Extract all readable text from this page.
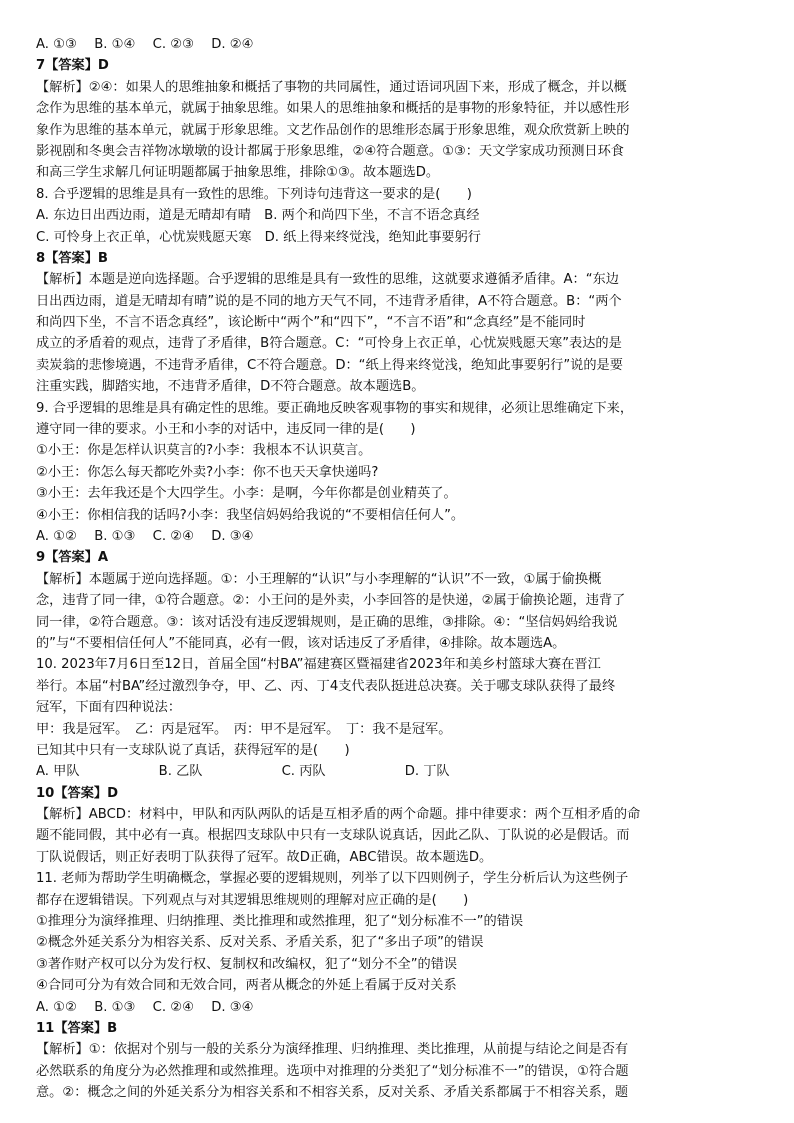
A. ①③　 B. ①④　 C. ②③　 D. ②④
7【答案】D
【解析】②④：如果人的思维抽象和概括了事物的共同属性，通过语词巩固下来，形成了概念，并以概
念作为思维的基本单元，就属于抽象思维。如果人的思维抽象和概括的是事物的形象特征，并以感性形
象作为思维的基本单元，就属于形象思维。文艺作品创作的思维形态属于形象思维，观众欣赏新上映的
影视剧和冬奥会吉祥物冰墩墩的设计都属于形象思维，②④符合题意。①③：天文学家成功预测日环食
和高三学生求解几何证明题都属于抽象思维，排除①③。故本题选D。
8. 合乎逻辑的思维是具有一致性的思维。下列诗句违背这一要求的是(　　)
A. 东边日出西边雨，道是无晴却有晴　B. 两个和尚四下坐，不言不语念真经
C. 可怜身上衣正单，心忧炭贱愿天寒　D. 纸上得来终觉浅，绝知此事要躬行
8【答案】B
【解析】本题是逆向选择题。合乎逻辑的思维是具有一致性的思维，这就要求遵循矛盾律。A：“东边
日出西边雨，道是无晴却有晴”说的是不同的地方天气不同，不违背矛盾律，A不符合题意。B：“两个
和尚四下坐，不言不语念真经”，该论断中“两个”和“四下”，“不言不语”和“念真经”是不能同时
成立的矛盾着的观点，违背了矛盾律，B符合题意。C：“可怜身上衣正单，心忧炭贱愿天寒”表达的是
卖炭翁的悲惨境遇，不违背矛盾律，C不符合题意。D：“纸上得来终觉浅，绝知此事要躬行”说的是要
注重实践，脚踏实地，不违背矛盾律，D不符合题意。故本题选B。
9. 合乎逻辑的思维是具有确定性的思维。要正确地反映客观事物的事实和规律，必须让思维确定下来，
遵守同一律的要求。小王和小李的对话中，违反同一律的是(　　)
①小王：你是怎样认识莫言的?小李：我根本不认识莫言。
②小王：你怎么每天都吃外卖?小李：你不也天天拿快递吗?
③小王：去年我还是个大四学生。小李：是啊，今年你都是创业精英了。
④小王：你相信我的话吗?小李：我坚信妈妈给我说的“不要相信任何人”。
A. ①②　 B. ①③　 C. ②④　 D. ③④
9【答案】A
【解析】本题属于逆向选择题。①：小王理解的“认识”与小李理解的“认识”不一致，①属于偷换概
念，违背了同一律，①符合题意。②：小王问的是外卖，小李回答的是快递，②属于偷换论题，违背了
同一律，②符合题意。③：该对话没有违反逻辑规则，是正确的思维，③排除。④：“坚信妈妈给我说
的”与“不要相信任何人”不能同真，必有一假，该对话违反了矛盾律，④排除。故本题选A。
10. 2023年7月6日至12日，首届全国“村BA”福建赛区暨福建省2023年和美乡村篮球大赛在晋江
举行。本届“村BA”经过激烈争夺，甲、乙、丙、丁4支代表队挺进总决赛。关于哪支球队获得了最终
冠军，下面有四种说法：
甲：我是冠军。　乙：丙是冠军。　丙：甲不是冠军。　丁：我不是冠军。
已知其中只有一支球队说了真话，获得冠军的是(　　)
A. 甲队　　　　　　B. 乙队　　　　　　C. 丙队　　　　　　D. 丁队
10【答案】D
【解析】ABCD：材料中，甲队和丙队两队的话是互相矛盾的两个命题。排中律要求：两个互相矛盾的命
题不能同假，其中必有一真。根据四支球队中只有一支球队说真话，因此乙队、丁队说的必是假话。而
丁队说假话，则正好表明丁队获得了冠军。故D正确，ABC错误。故本题选D。
11. 老师为帮助学生明确概念，掌握必要的逻辑规则，列举了以下四则例子，学生分析后认为这些例子
都存在逻辑错误。下列观点与对其逻辑思维规则的理解对应正确的是(　　)
①推理分为演绎推理、归纳推理、类比推理和或然推理，犯了“划分标准不一”的错误
②概念外延关系分为相容关系、反对关系、矛盾关系，犯了“多出子项”的错误
③著作财产权可以分为发行权、复制权和改编权，犯了“划分不全”的错误
④合同可分为有效合同和无效合同，两者从概念的外延上看属于反对关系
A. ①②　 B. ①③　 C. ②④　 D. ③④
11【答案】B
【解析】①：依据对个别与一般的关系分为演绎推理、归纳推理、类比推理，从前提与结论之间是否有
必然联系的角度分为必然推理和或然推理。选项中对推理的分类犯了“划分标准不一”的错误，①符合题
意。②：概念之间的外延关系分为相容关系和不相容关系，反对关系、矛盾关系都属于不相容关系，题
